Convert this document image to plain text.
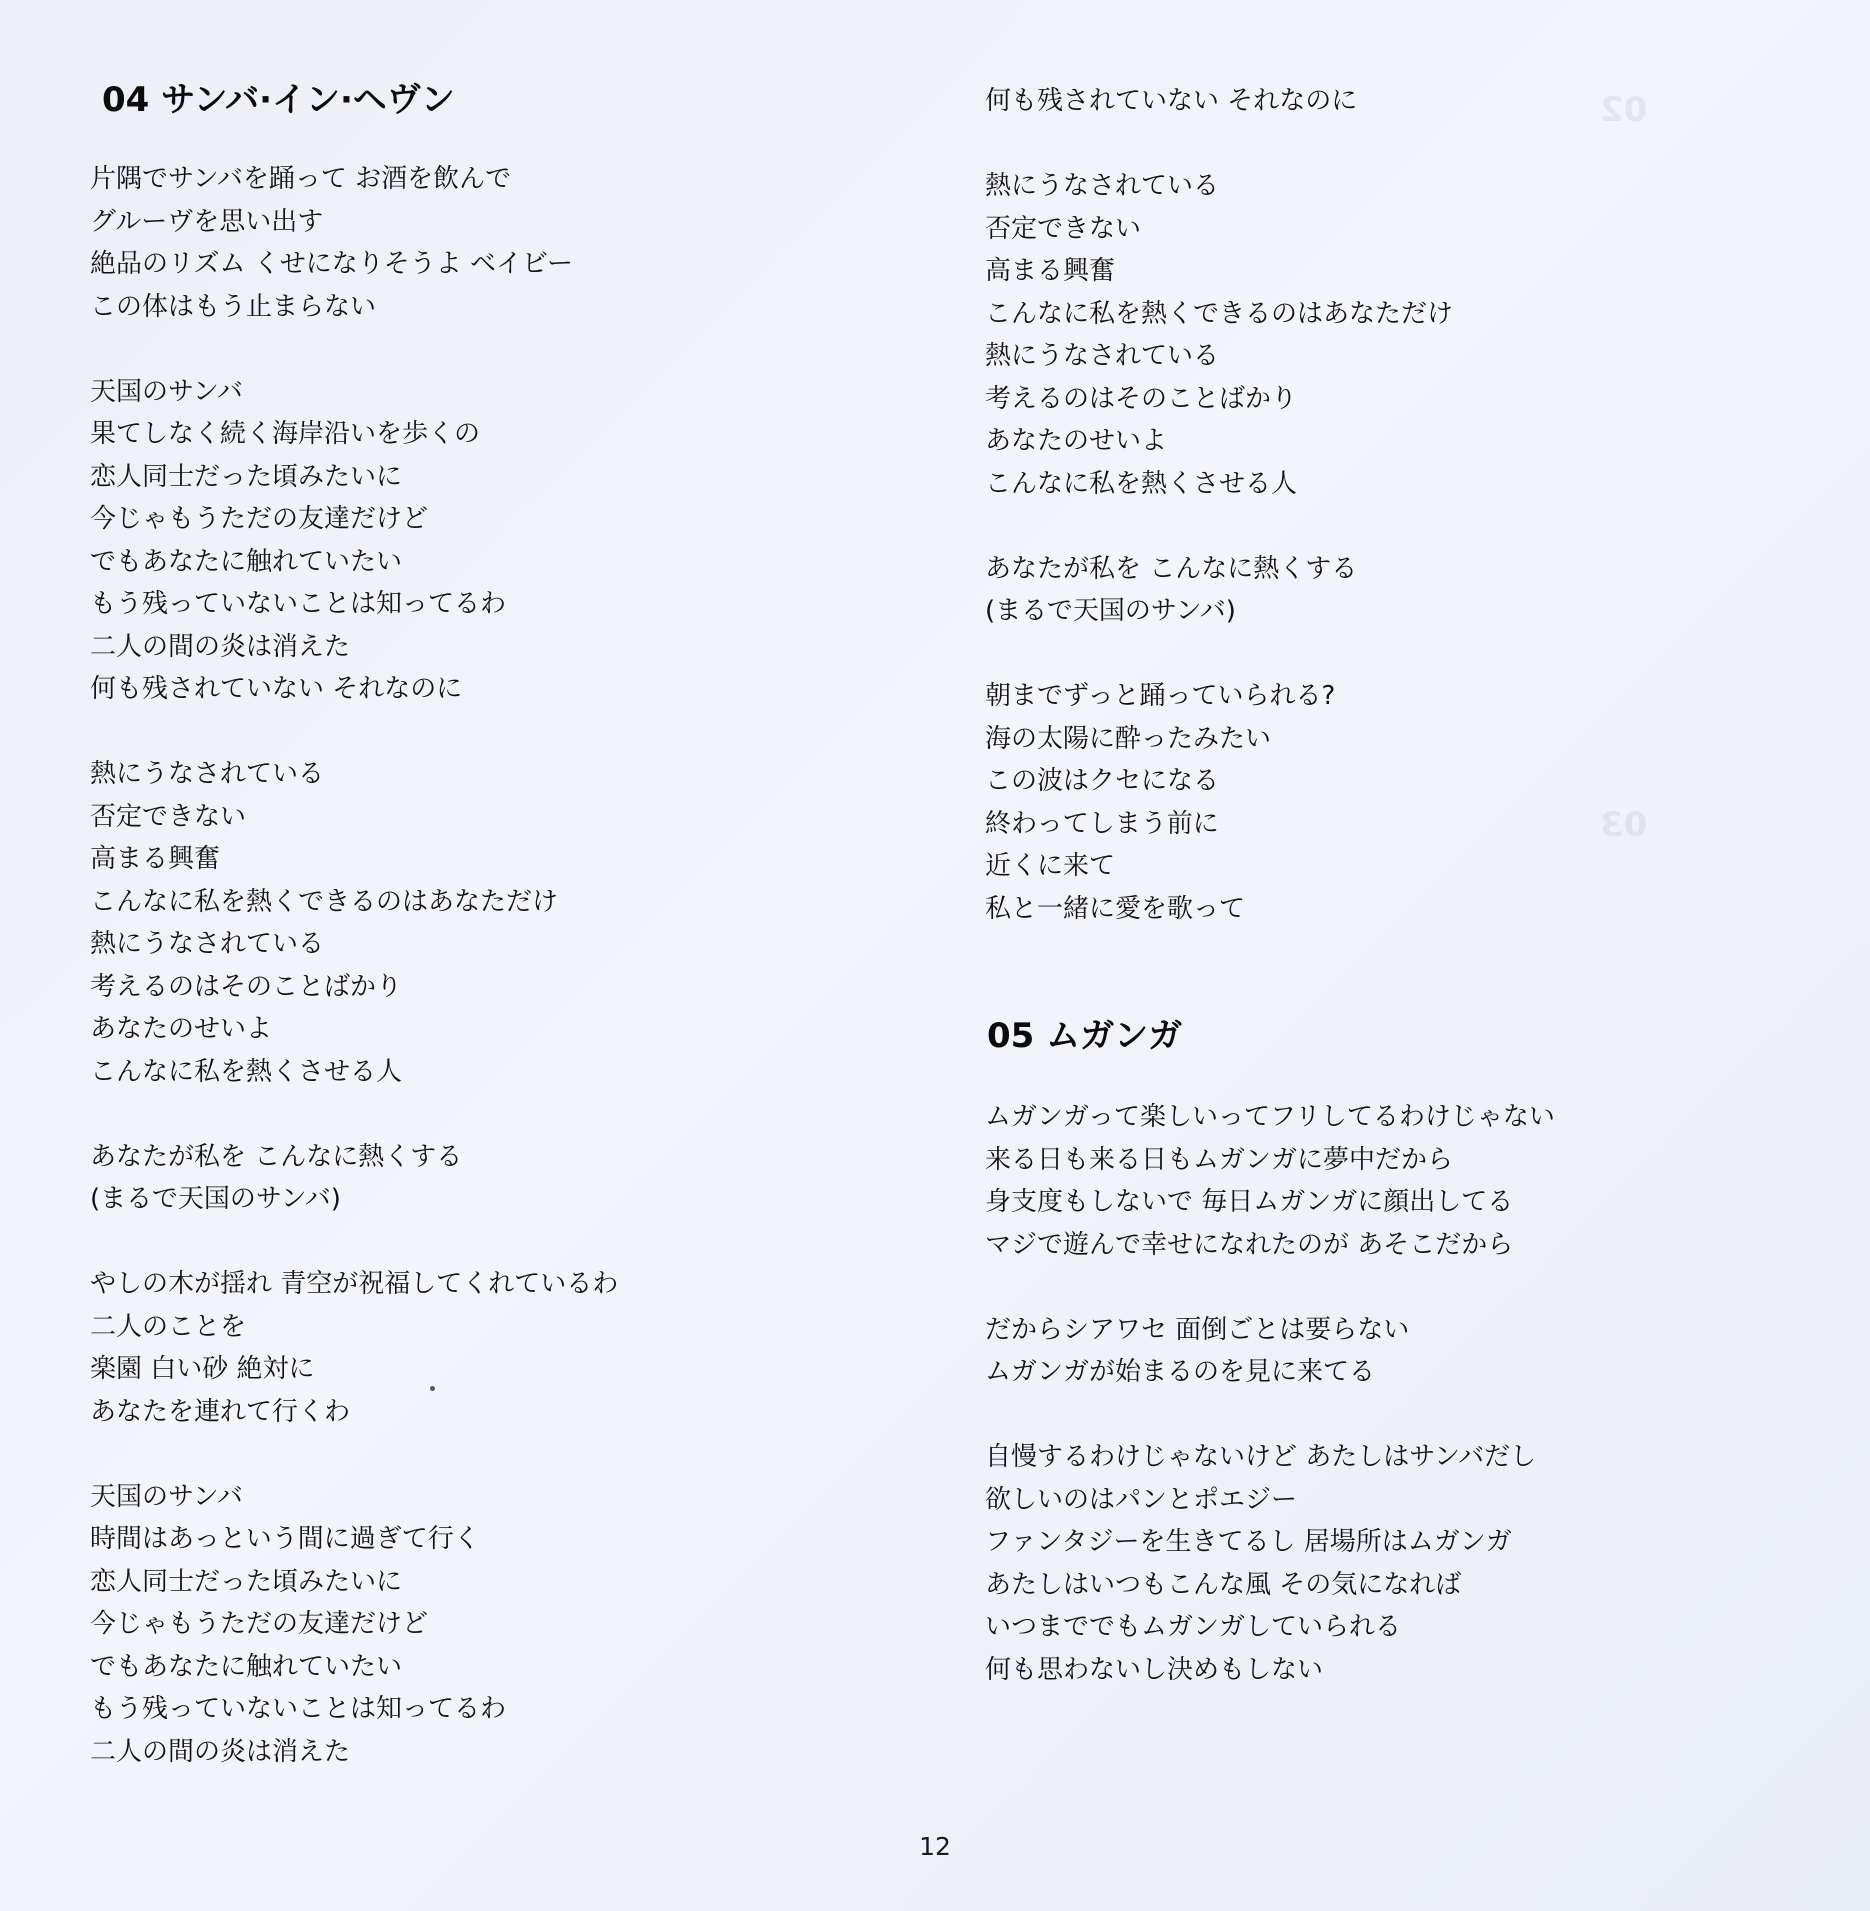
02
03
04 サンバ·イン·ヘヴン
片隅でサンバを踊って お酒を飲んで
グルーヴを思い出す
絶品のリズム くせになりそうよ ベイビー
この体はもう止まらない
天国のサンバ
果てしなく続く海岸沿いを歩くの
恋人同士だった頃みたいに
今じゃもうただの友達だけど
でもあなたに触れていたい
もう残っていないことは知ってるわ
二人の間の炎は消えた
何も残されていない それなのに
熱にうなされている
否定できない
高まる興奮
こんなに私を熱くできるのはあなただけ
熱にうなされている
考えるのはそのことばかり
あなたのせいよ
こんなに私を熱くさせる人
あなたが私を こんなに熱くする
(まるで天国のサンバ)
やしの木が揺れ 青空が祝福してくれているわ
二人のことを
楽園 白い砂 絶対に
あなたを連れて行くわ
天国のサンバ
時間はあっという間に過ぎて行く
恋人同士だった頃みたいに
今じゃもうただの友達だけど
でもあなたに触れていたい
もう残っていないことは知ってるわ
二人の間の炎は消えた
何も残されていない それなのに
熱にうなされている
否定できない
高まる興奮
こんなに私を熱くできるのはあなただけ
熱にうなされている
考えるのはそのことばかり
あなたのせいよ
こんなに私を熱くさせる人
あなたが私を こんなに熱くする
(まるで天国のサンバ)
朝までずっと踊っていられる?
海の太陽に酔ったみたい
この波はクセになる
終わってしまう前に
近くに来て
私と一緒に愛を歌って
05 ムガンガ
ムガンガって楽しいってフリしてるわけじゃない
来る日も来る日もムガンガに夢中だから
身支度もしないで 毎日ムガンガに顔出してる
マジで遊んで幸せになれたのが あそこだから
だからシアワセ 面倒ごとは要らない
ムガンガが始まるのを見に来てる
自慢するわけじゃないけど あたしはサンバだし
欲しいのはパンとポエジー
ファンタジーを生きてるし 居場所はムガンガ
あたしはいつもこんな風 その気になれば
いつまででもムガンガしていられる
何も思わないし決めもしない
12
